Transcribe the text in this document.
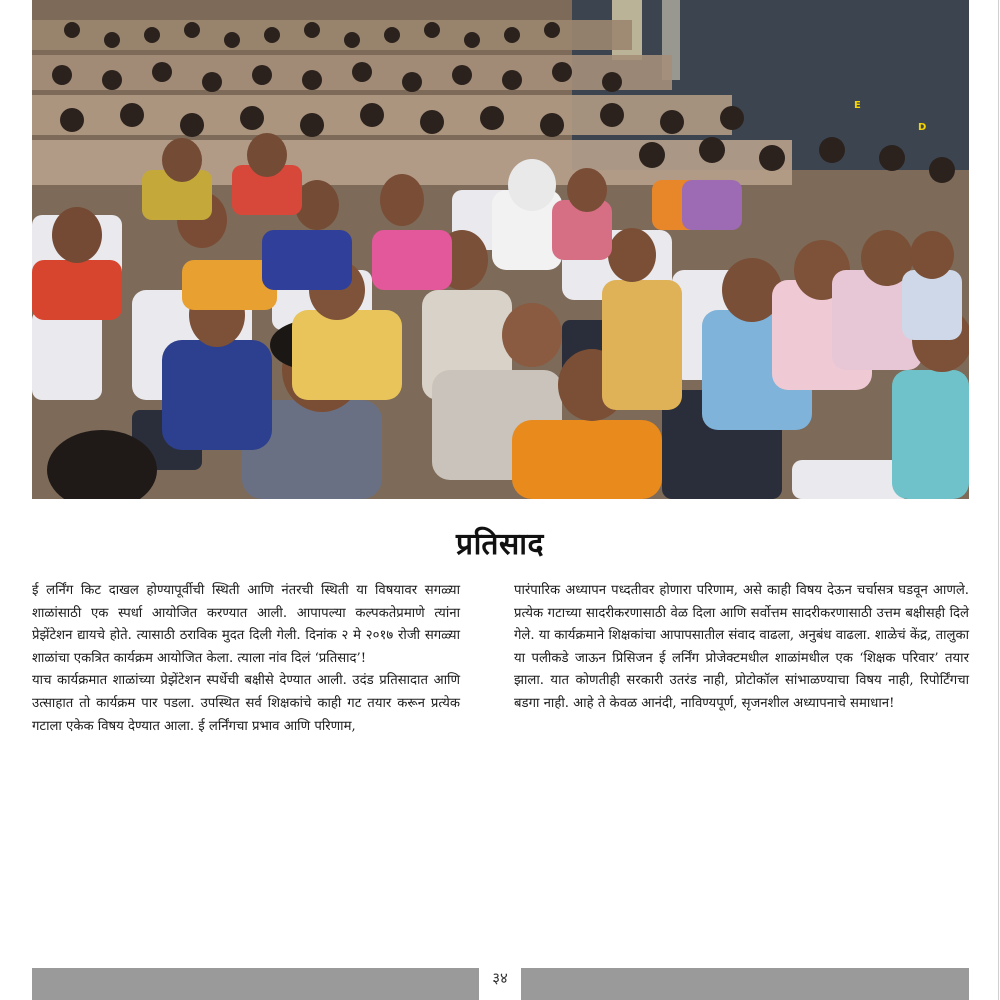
E
D
प्रतिसाद

ई लर्निंग किट दाखल होण्यापूर्वीची स्थिती आणि नंतरची स्थिती या विषयावर सगळ्या शाळांसाठी एक स्पर्धा आयोजित करण्यात आली. आपापल्या कल्पकतेप्रमाणे त्यांना प्रेझेंटेशन द्यायचे होते. त्यासाठी ठराविक मुदत दिली गेली. दिनांक २ मे २०१७ रोजी सगळ्या शाळांचा एकत्रित कार्यक्रम आयोजित केला. त्याला नांव दिलं ‘प्रतिसाद’!

याच कार्यक्रमात शाळांच्या प्रेझेंटेशन स्पर्धेची बक्षीसे देण्यात आली. उदंड प्रतिसादात आणि उत्साहात तो कार्यक्रम पार पडला. उपस्थित सर्व शिक्षकांचे काही गट तयार करून प्रत्येक गटाला एकेक विषय देण्यात आला. ई लर्निंगचा प्रभाव आणि परिणाम,

पारंपारिक अध्यापन पध्दतीवर होणारा परिणाम, असे काही विषय देऊन चर्चासत्र घडवून आणले. प्रत्येक गटाच्या सादरीकरणासाठी वेळ दिला आणि सर्वोत्तम सादरीकरणासाठी उत्तम बक्षीसही दिले गेले. या कार्यक्रमाने शिक्षकांचा आपापसातील संवाद वाढला, अनुबंध वाढला. शाळेचं केंद्र, तालुका या पलीकडे जाऊन प्रिसिजन ई लर्निंग प्रोजेक्टमधील शाळांमधील एक ‘शिक्षक परिवार’ तयार झाला. यात कोणतीही सरकारी उतरंड नाही, प्रोटोकॉल सांभाळण्याचा विषय नाही, रिपोर्टिंगचा बडगा नाही. आहे ते केवळ आनंदी, नाविण्यपूर्ण, सृजनशील अध्यापनाचे समाधान!

३४
